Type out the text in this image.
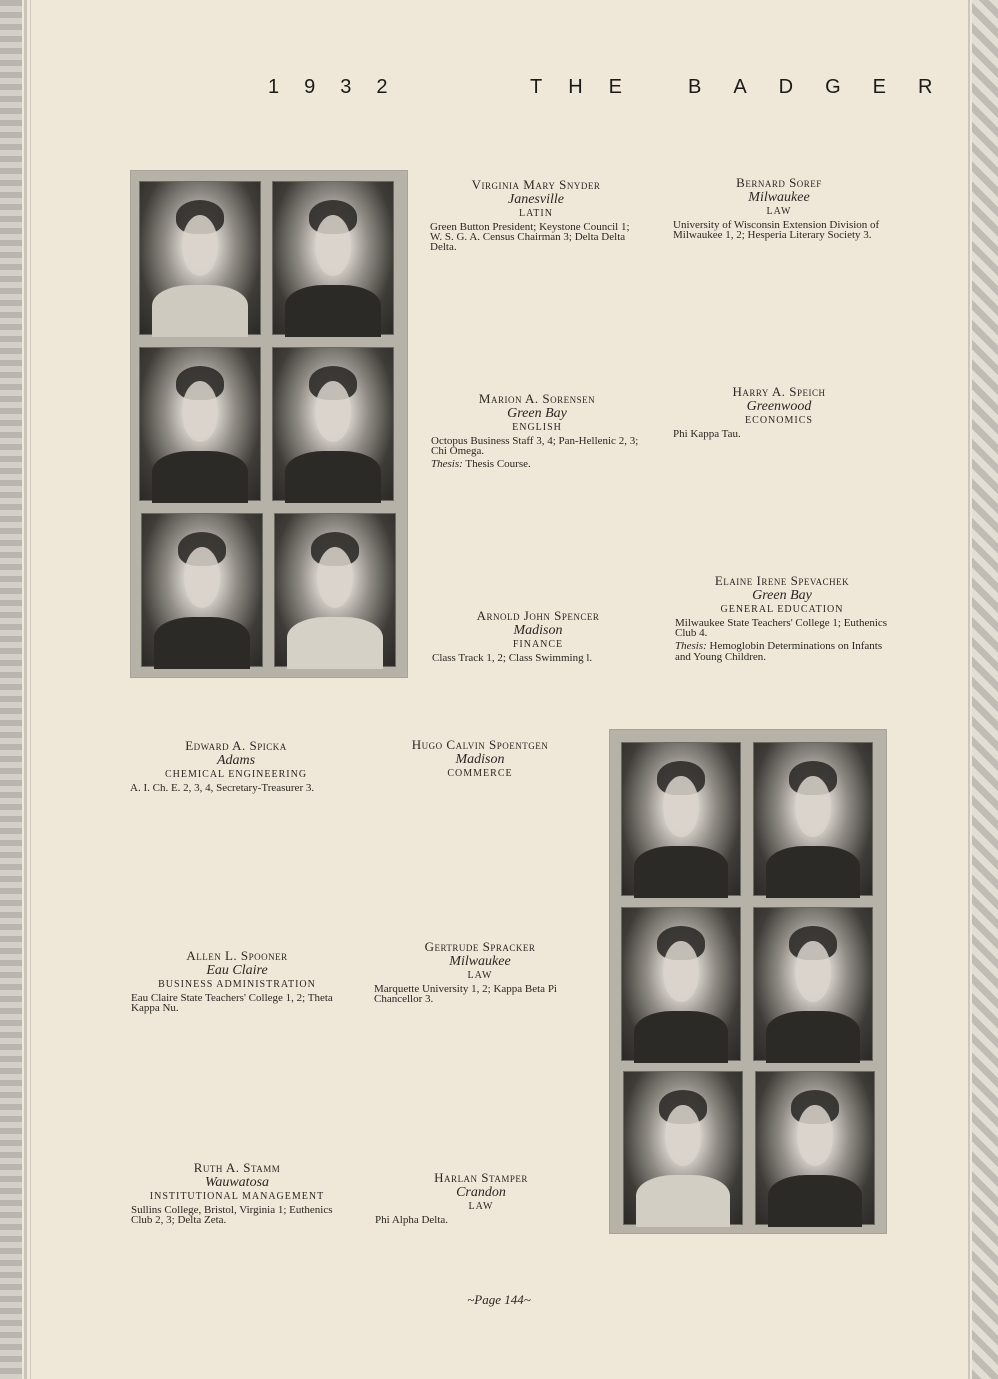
1932	THE BADGER
Virginia Mary Snyder
Janesville
LATIN
Green Button President; Keystone Council 1; W. S. G. A. Census Chairman 3; Delta Delta Delta.
Bernard Soref
Milwaukee
LAW
University of Wisconsin Extension Division of Milwaukee 1, 2; Hesperia Literary Society 3.
Marion A. Sorensen
Green Bay
ENGLISH
Octopus Business Staff 3, 4; Pan-Hellenic 2, 3; Chi Omega.
Thesis: Thesis Course.
Harry A. Speich
Greenwood
ECONOMICS
Phi Kappa Tau.
Arnold John Spencer
Madison
FINANCE
Class Track 1, 2; Class Swimming l.
Elaine Irene Spevachek
Green Bay
GENERAL EDUCATION
Milwaukee State Teachers' College 1; Euthenics Club 4.
Thesis: Hemoglobin Determinations on Infants and Young Children.
Edward A. Spicka
Adams
CHEMICAL ENGINEERING
A. I. Ch. E. 2, 3, 4, Secretary-Treasurer 3.
Hugo Calvin Spoentgen
Madison
COMMERCE
Allen L. Spooner
Eau Claire
BUSINESS ADMINISTRATION
Eau Claire State Teachers' College 1, 2; Theta Kappa Nu.
Gertrude Spracker
Milwaukee
LAW
Marquette University 1, 2; Kappa Beta Pi Chancellor 3.
Ruth A. Stamm
Wauwatosa
INSTITUTIONAL MANAGEMENT
Sullins College, Bristol, Virginia 1; Euthenics Club 2, 3; Delta Zeta.
Harlan Stamper
Crandon
LAW
Phi Alpha Delta.
~Page 144~
